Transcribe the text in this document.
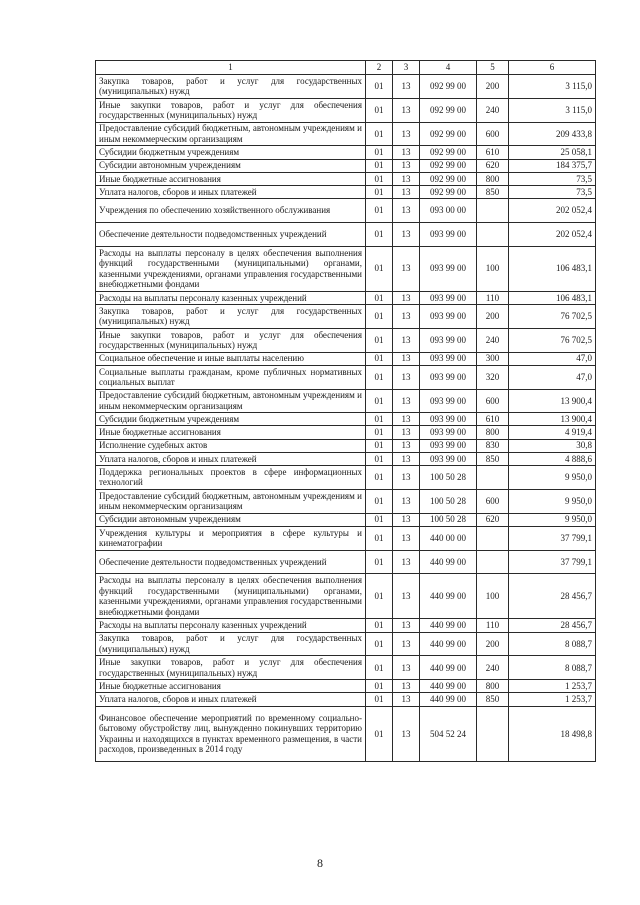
1	2	3	4	5	6
Закупка товаров, работ и услуг для государственных (муниципальных) нужд	01	13	092 99 00	200	3 115,0
Иные закупки товаров, работ и услуг для обеспечения государственных (муниципальных) нужд	01	13	092 99 00	240	3 115,0
Предоставление субсидий бюджетным, автономным учреждениям и иным некоммерческим организациям	01	13	092 99 00	600	209 433,8
Субсидии бюджетным учреждениям	01	13	092 99 00	610	25 058,1
Субсидии автономным учреждениям	01	13	092 99 00	620	184 375,7
Иные бюджетные ассигнования	01	13	092 99 00	800	73,5
Уплата налогов, сборов и иных платежей	01	13	092 99 00	850	73,5
Учреждения по обеспечению хозяйственного обслуживания	01	13	093 00 00		202 052,4
Обеспечение деятельности подведомственных учреждений	01	13	093 99 00		202 052,4
Расходы на выплаты персоналу в целях обеспечения выполнения функций государственными (муниципальными) органами, казенными учреждениями, органами управления государственными внебюджетными фондами	01	13	093 99 00	100	106 483,1
Расходы на выплаты персоналу казенных учреждений	01	13	093 99 00	110	106 483,1
Закупка товаров, работ и услуг для государственных (муниципальных) нужд	01	13	093 99 00	200	76 702,5
Иные закупки товаров, работ и услуг для обеспечения государственных (муниципальных) нужд	01	13	093 99 00	240	76 702,5
Социальное обеспечение и иные выплаты населению	01	13	093 99 00	300	47,0
Социальные выплаты гражданам, кроме публичных нормативных социальных выплат	01	13	093 99 00	320	47,0
Предоставление субсидий бюджетным, автономным учреждениям и иным некоммерческим организациям	01	13	093 99 00	600	13 900,4
Субсидии бюджетным учреждениям	01	13	093 99 00	610	13 900,4
Иные бюджетные ассигнования	01	13	093 99 00	800	4 919,4
Исполнение судебных актов	01	13	093 99 00	830	30,8
Уплата налогов, сборов и иных платежей	01	13	093 99 00	850	4 888,6
Поддержка региональных проектов в сфере информационных технологий	01	13	100 50 28		9 950,0
Предоставление субсидий бюджетным, автономным учреждениям и иным некоммерческим организациям	01	13	100 50 28	600	9 950,0
Субсидии автономным учреждениям	01	13	100 50 28	620	9 950,0
Учреждения культуры и мероприятия в сфере культуры и кинематографии	01	13	440 00 00		37 799,1
Обеспечение деятельности подведомственных учреждений	01	13	440 99 00		37 799,1
Расходы на выплаты персоналу в целях обеспечения выполнения функций государственными (муниципальными) органами, казенными учреждениями, органами управления государственными внебюджетными фондами	01	13	440 99 00	100	28 456,7
Расходы на выплаты персоналу казенных учреждений	01	13	440 99 00	110	28 456,7
Закупка товаров, работ и услуг для государственных (муниципальных) нужд	01	13	440 99 00	200	8 088,7
Иные закупки товаров, работ и услуг для обеспечения государственных (муниципальных) нужд	01	13	440 99 00	240	8 088,7
Иные бюджетные ассигнования	01	13	440 99 00	800	1 253,7
Уплата налогов, сборов и иных платежей	01	13	440 99 00	850	1 253,7
Финансовое обеспечение мероприятий по временному социально-бытовому обустройству лиц, вынужденно покинувших территорию Украины и находящихся в пунктах временного размещения, в части расходов, произведенных в 2014 году	01	13	504 52 24		18 498,8
8
